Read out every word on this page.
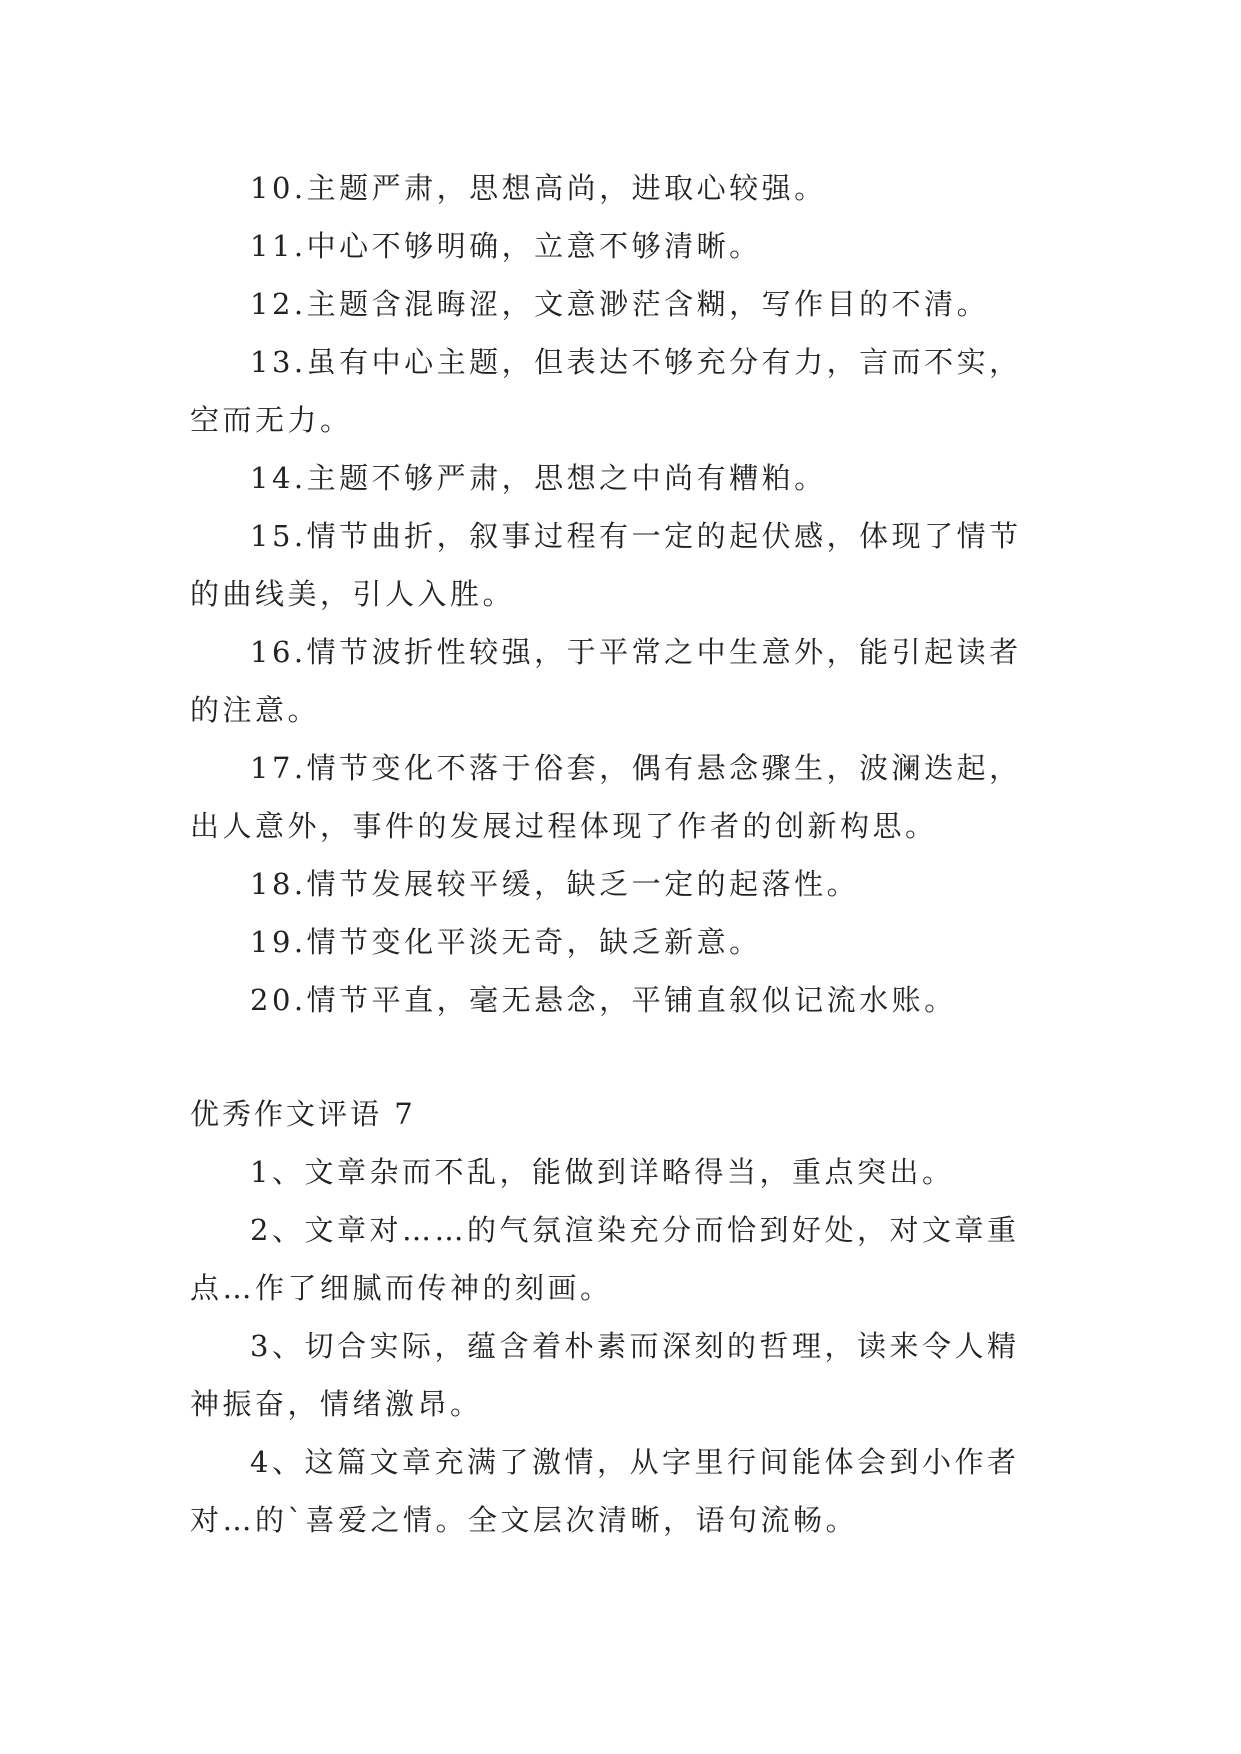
10.主题严肃，思想高尚，进取心较强。

11.中心不够明确，立意不够清晰。

12.主题含混晦涩，文意渺茫含糊，写作目的不清。

13.虽有中心主题，但表达不够充分有力，言而不实，空而无力。

14.主题不够严肃，思想之中尚有糟粕。

15.情节曲折，叙事过程有一定的起伏感，体现了情节的曲线美，引人入胜。

16.情节波折性较强，于平常之中生意外，能引起读者的注意。

17.情节变化不落于俗套，偶有悬念骤生，波澜迭起，出人意外，事件的发展过程体现了作者的创新构思。

18.情节发展较平缓，缺乏一定的起落性。

19.情节变化平淡无奇，缺乏新意。

20.情节平直，毫无悬念，平铺直叙似记流水账。

优秀作文评语 7

1、文章杂而不乱，能做到详略得当，重点突出。

2、文章对……的气氛渲染充分而恰到好处，对文章重点…作了细腻而传神的刻画。

3、切合实际，蕴含着朴素而深刻的哲理，读来令人精神振奋，情绪激昂。

4、这篇文章充满了激情，从字里行间能体会到小作者对…的`喜爱之情。全文层次清晰，语句流畅。
